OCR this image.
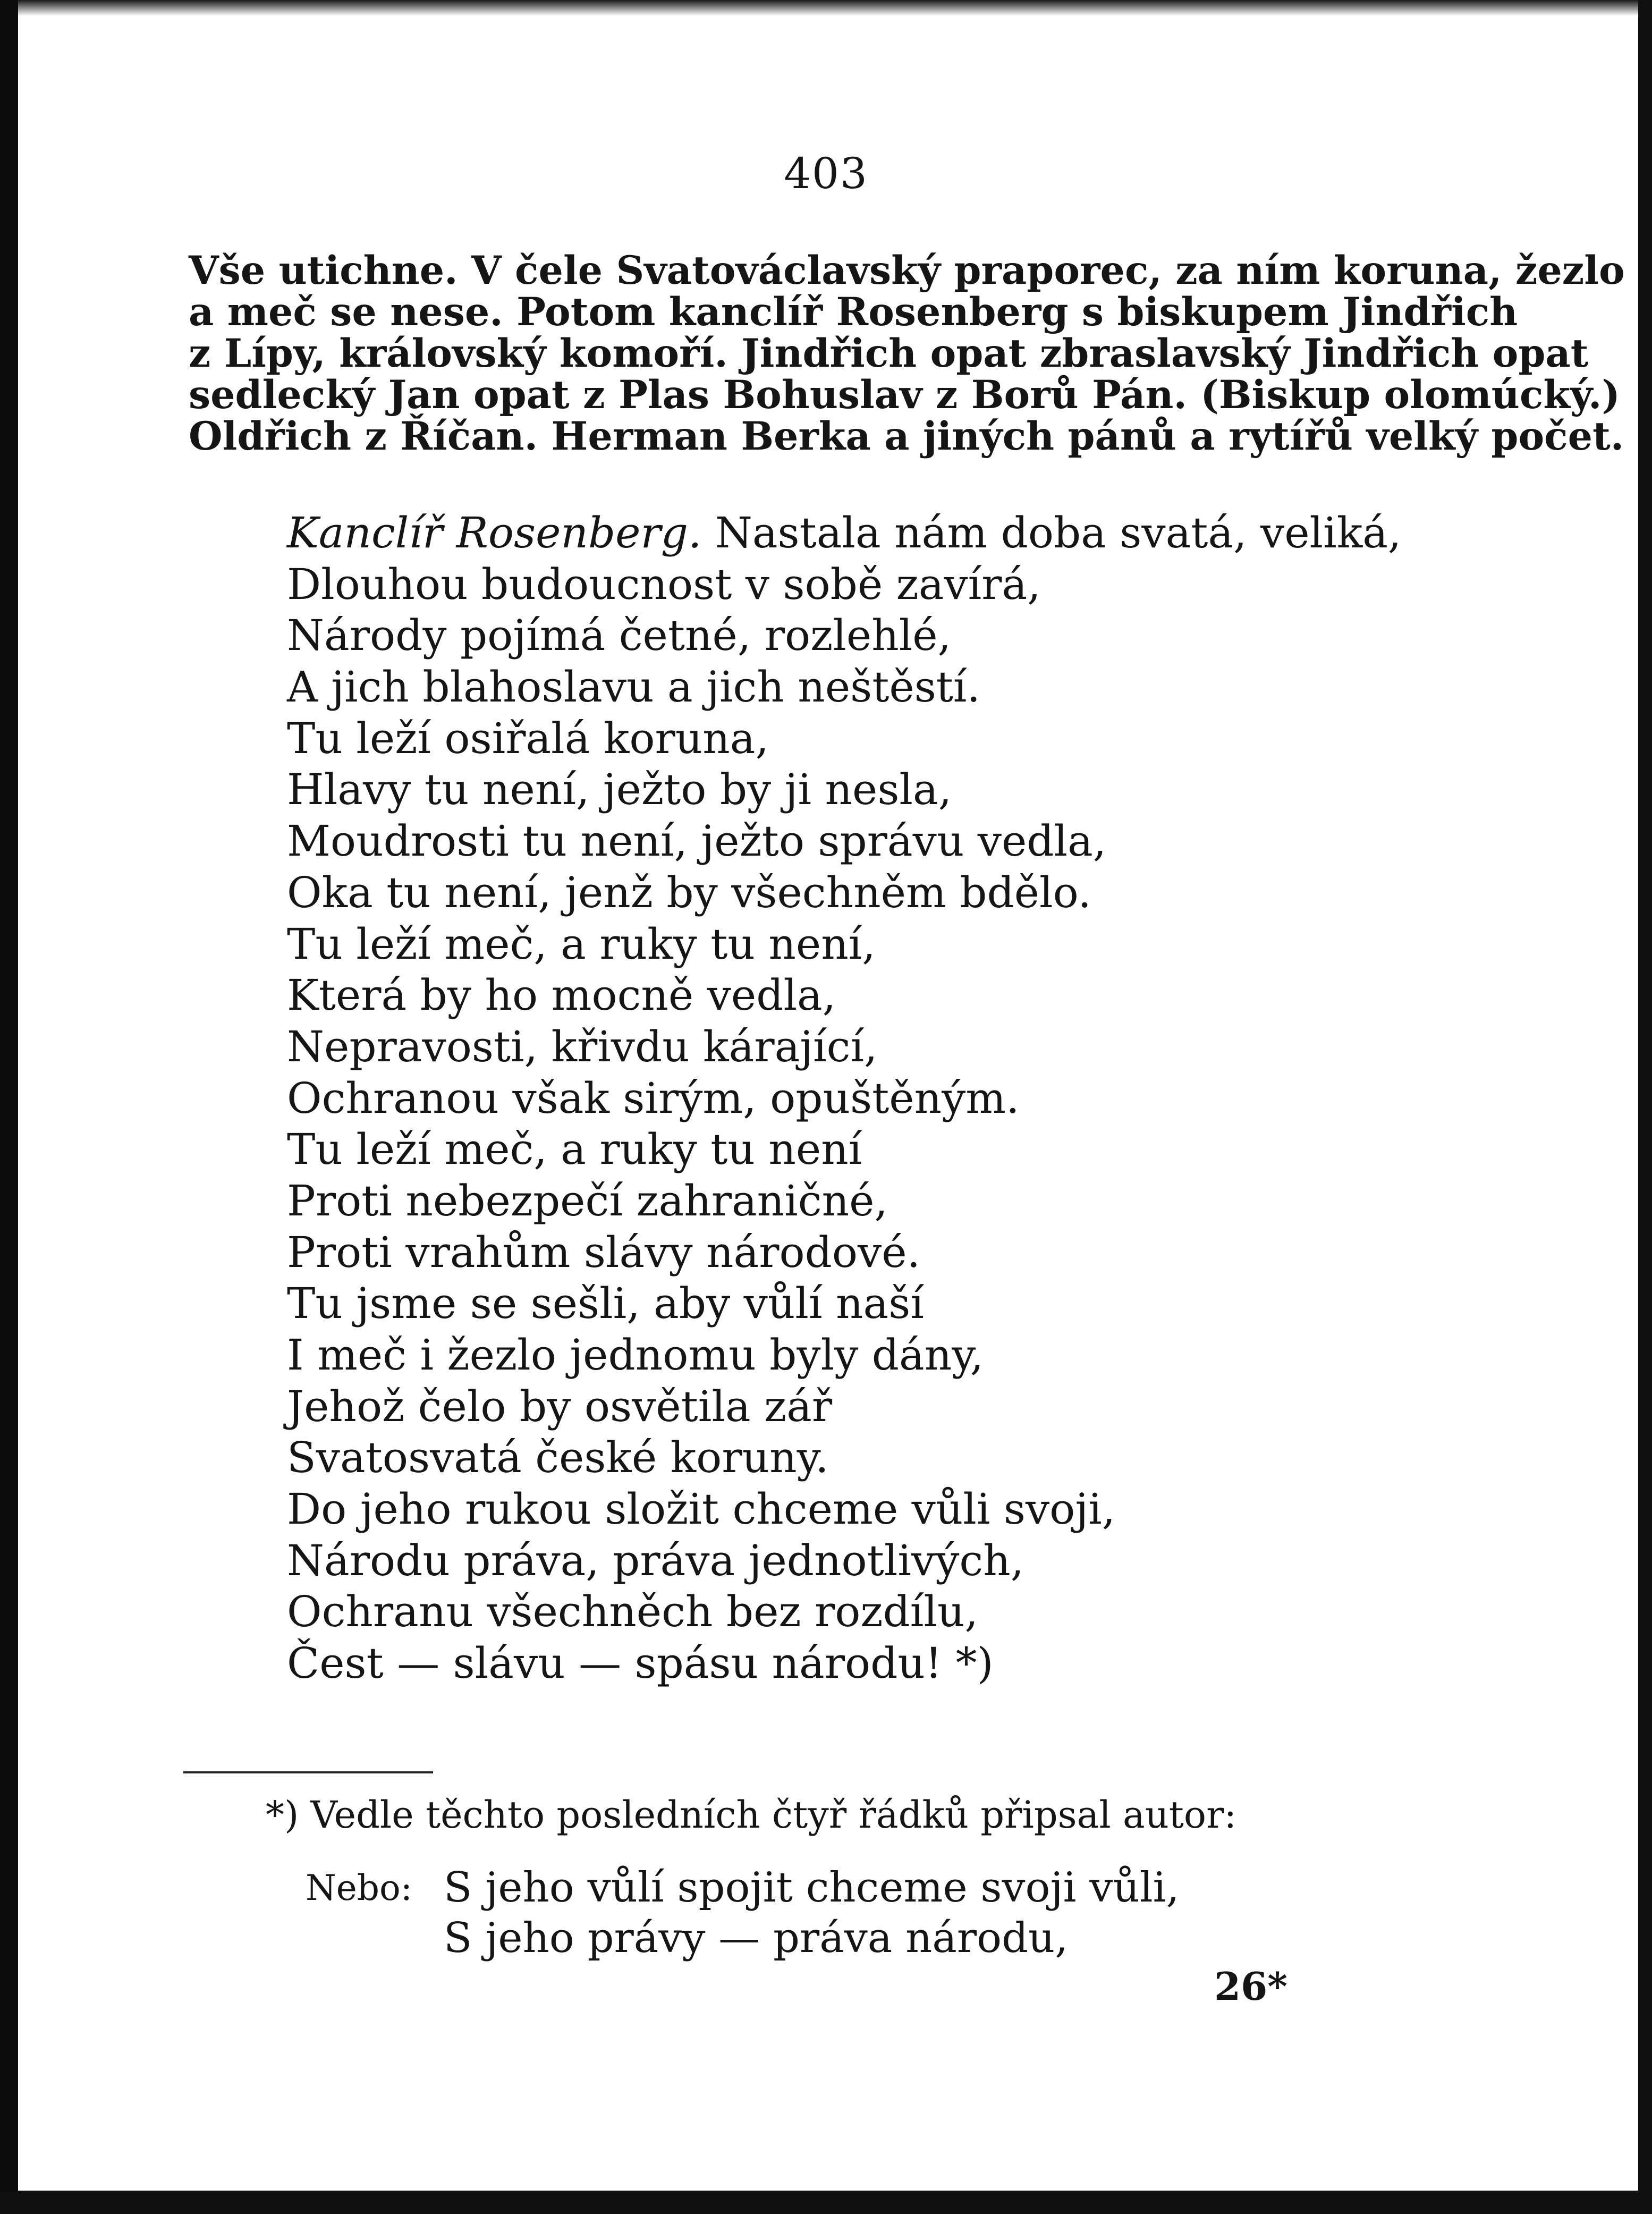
403
Vše utichne. V čele Svatováclavský praporec, za ním koruna, žezlo
a meč se nese. Potom kanclíř Rosenberg s biskupem Jindřich
z Lípy, královský komoří. Jindřich opat zbraslavský Jindřich opat
sedlecký Jan opat z Plas Bohuslav z Borů Pán. (Biskup olomúcký.)
Oldřich z Říčan. Herman Berka a jiných pánů a rytířů velký počet.
Kanclíř Rosenberg. Nastala nám doba svatá, veliká,
Dlouhou budoucnost v sobě zavírá,
Národy pojímá četné, rozlehlé,
A jich blahoslavu a jich neštěstí.
Tu leží osiřalá koruna,
Hlavy tu není, ježto by ji nesla,
Moudrosti tu není, ježto správu vedla,
Oka tu není, jenž by všechněm bdělo.
Tu leží meč, a ruky tu není,
Která by ho mocně vedla,
Nepravosti, křivdu kárající,
Ochranou však sirým, opuštěným.
Tu leží meč, a ruky tu není
Proti nebezpečí zahraničné,
Proti vrahům slávy národové.
Tu jsme se sešli, aby vůlí naší
I meč i žezlo jednomu byly dány,
Jehož čelo by osvětila zář
Svatosvatá české koruny.
Do jeho rukou složit chceme vůli svoji,
Národu práva, práva jednotlivých,
Ochranu všechněch bez rozdílu,
Čest — slávu — spásu národu! *)
*) Vedle těchto posledních čtyř řádků připsal autor:
Nebo: S jeho vůlí spojit chceme svoji vůli,
S jeho právy — práva národu,
26*
